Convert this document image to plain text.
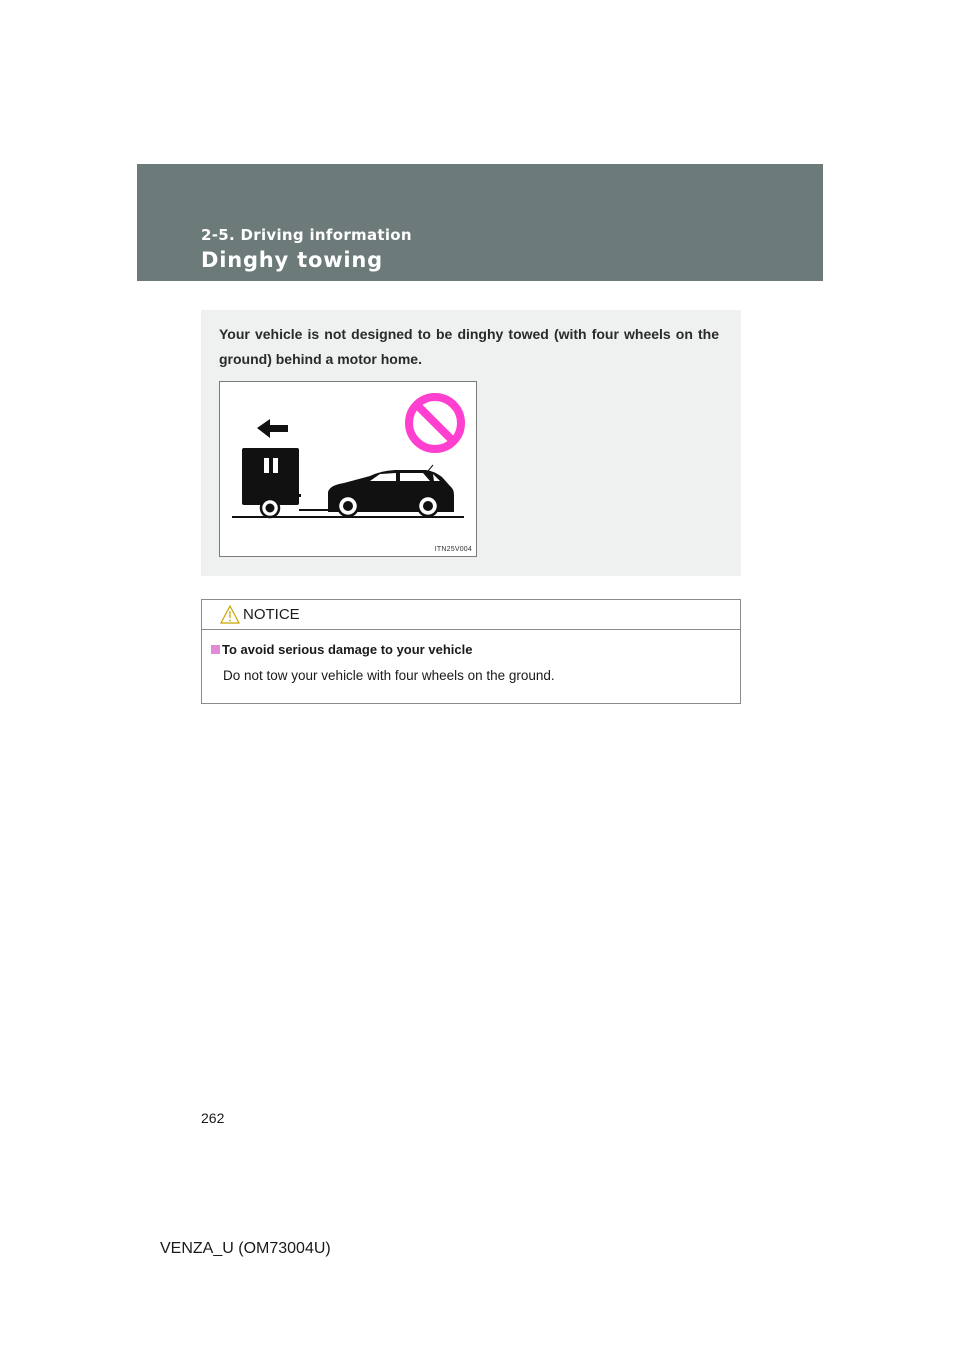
2-5. Driving information
Dinghy towing
Your vehicle is not designed to be dinghy towed (with four wheels on the ground) behind a motor home.
ITN25V004
NOTICE
To avoid serious damage to your vehicle
Do not tow your vehicle with four wheels on the ground.
262
VENZA_U (OM73004U)
